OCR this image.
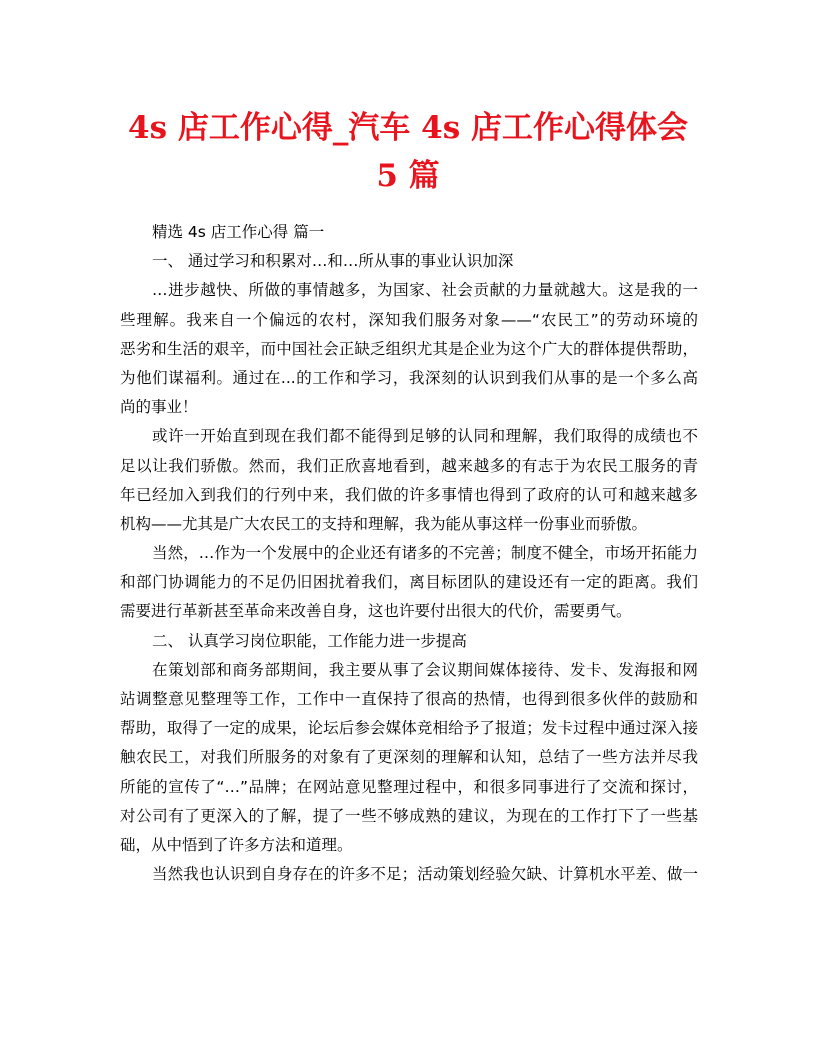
4s 店工作心得_汽车 4s 店工作心得体会
5 篇
精选 4s 店工作心得 篇一
一、 通过学习和积累对…和…所从事的事业认识加深
…进步越快、所做的事情越多，为国家、社会贡献的力量就越大。这是我的一
些理解。我来自一个偏远的农村，深知我们服务对象——“农民工”的劳动环境的
恶劣和生活的艰辛，而中国社会正缺乏组织尤其是企业为这个广大的群体提供帮助，
为他们谋福利。通过在...的工作和学习，我深刻的认识到我们从事的是一个多么高
尚的事业！
或许一开始直到现在我们都不能得到足够的认同和理解，我们取得的成绩也不
足以让我们骄傲。然而，我们正欣喜地看到，越来越多的有志于为农民工服务的青
年已经加入到我们的行列中来，我们做的许多事情也得到了政府的认可和越来越多
机构——尤其是广大农民工的支持和理解，我为能从事这样一份事业而骄傲。
当然，…作为一个发展中的企业还有诸多的不完善；制度不健全，市场开拓能力
和部门协调能力的不足仍旧困扰着我们，离目标团队的建设还有一定的距离。我们
需要进行革新甚至革命来改善自身，这也许要付出很大的代价，需要勇气。
二、 认真学习岗位职能，工作能力进一步提高
在策划部和商务部期间，我主要从事了会议期间媒体接待、发卡、发海报和网
站调整意见整理等工作，工作中一直保持了很高的热情，也得到很多伙伴的鼓励和
帮助，取得了一定的成果，论坛后参会媒体竞相给予了报道；发卡过程中通过深入接
触农民工，对我们所服务的对象有了更深刻的理解和认知，总结了一些方法并尽我
所能的宣传了“…”品牌；在网站意见整理过程中，和很多同事进行了交流和探讨，
对公司有了更深入的了解，提了一些不够成熟的建议，为现在的工作打下了一些基
础，从中悟到了许多方法和道理。
当然我也认识到自身存在的许多不足；活动策划经验欠缺、计算机水平差、做一
